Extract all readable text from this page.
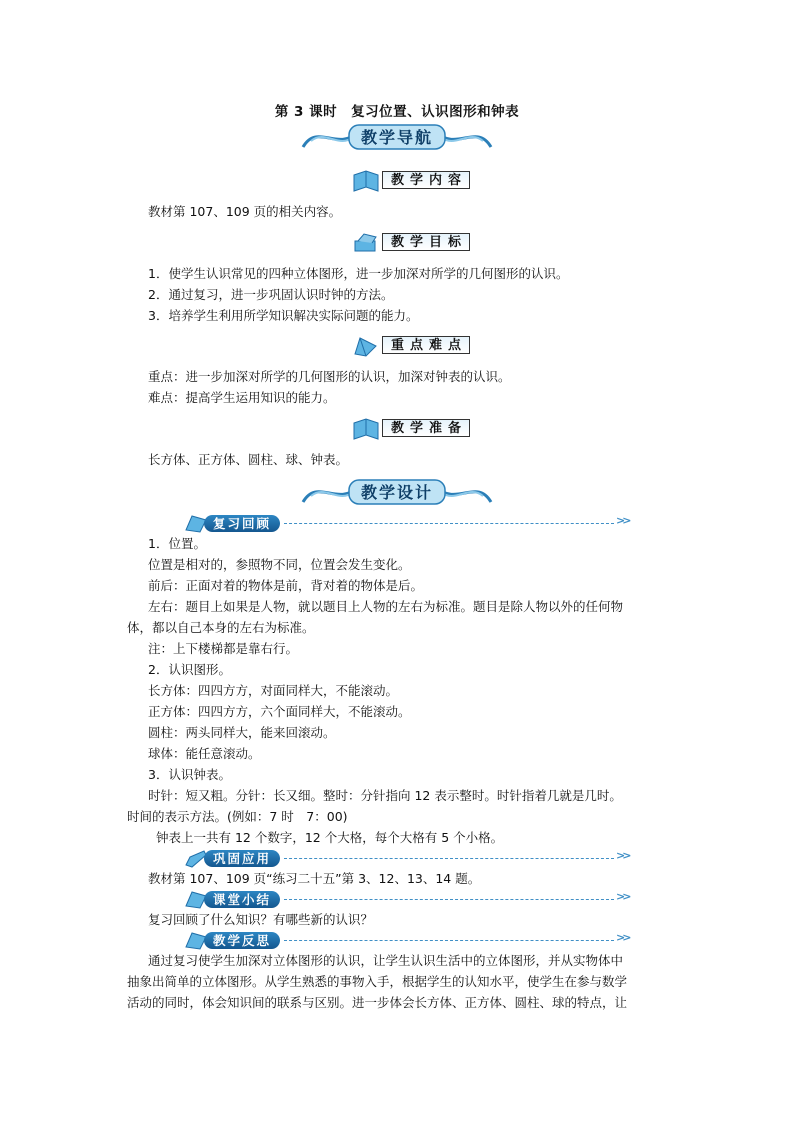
第 3 课时　复习位置、认识图形和钟表
教学导航
教学内容
教材第 107、109 页的相关内容。
教学目标
1．使学生认识常见的四种立体图形，进一步加深对所学的几何图形的认识。
2．通过复习，进一步巩固认识时钟的方法。
3．培养学生利用所学知识解决实际问题的能力。
重点难点
重点：进一步加深对所学的几何图形的认识，加深对钟表的认识。
难点：提高学生运用知识的能力。
教学准备
长方体、正方体、圆柱、球、钟表。
教学设计
复习回顾	>>
1．位置。
位置是相对的，参照物不同，位置会发生变化。
前后：正面对着的物体是前，背对着的物体是后。
左右：题目上如果是人物，就以题目上人物的左右为标准。题目是除人物以外的任何物
体，都以自己本身的左右为标准。
注：上下楼梯都是靠右行。
2．认识图形。
长方体：四四方方，对面同样大，不能滚动。
正方体：四四方方，六个面同样大，不能滚动。
圆柱：两头同样大，能来回滚动。
球体：能任意滚动。
3．认识钟表。
时针：短又粗。分针：长又细。整时：分针指向 12 表示整时。时针指着几就是几时。
时间的表示方法。(例如：7 时　7：00)
钟表上一共有 12 个数字，12 个大格，每个大格有 5 个小格。
巩固应用	>>
教材第 107、109 页“练习二十五”第 3、12、13、14 题。
课堂小结	>>
复习回顾了什么知识？有哪些新的认识？
教学反思	>>
通过复习使学生加深对立体图形的认识，让学生认识生活中的立体图形，并从实物体中
抽象出简单的立体图形。从学生熟悉的事物入手，根据学生的认知水平，使学生在参与数学
活动的同时，体会知识间的联系与区别。进一步体会长方体、正方体、圆柱、球的特点，让
